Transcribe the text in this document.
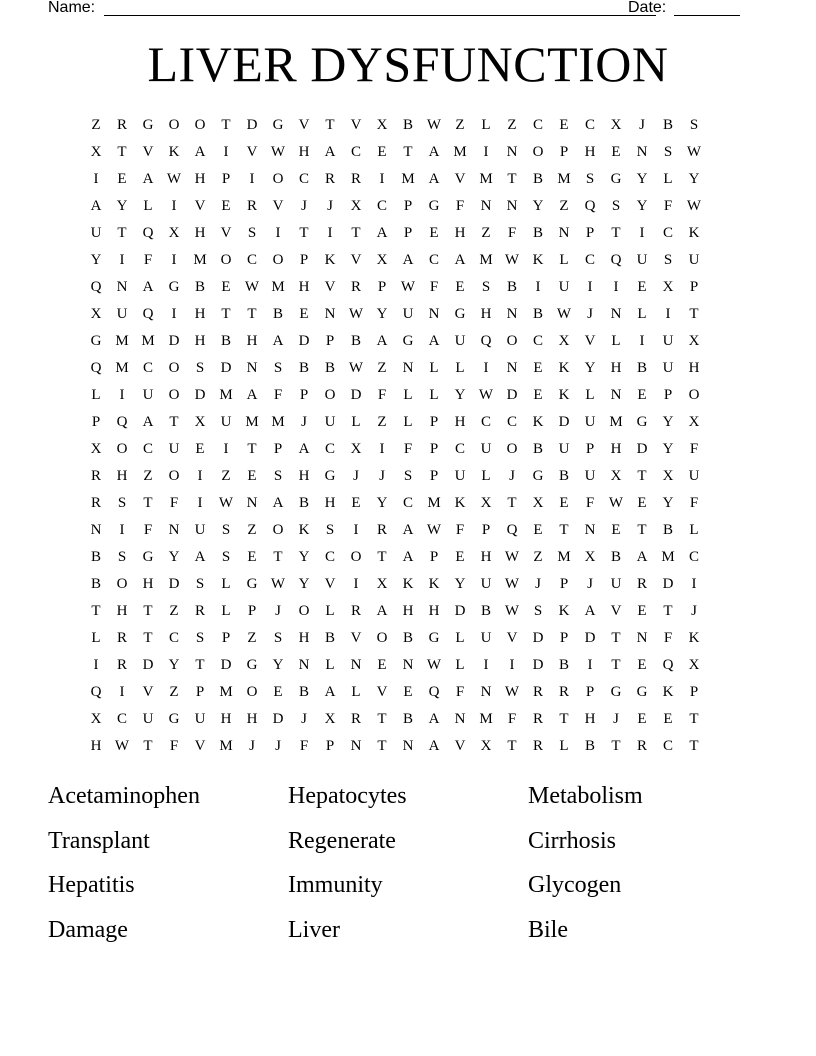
Name:	Date:
LIVER DYSFUNCTION
Z	R	G	O	O	T	D	G	V	T	V	X	B W Z	L	Z	C	E	C	X	J	B	S
X	T	V	K	A	I	V W H	A	C	E	T	A M	I	N	O	P	H	E	N	S W
I	E	A W H	P	I	O	C	R	R	I	M A	V M T	B M	S	G	Y	L	Y
A	Y	L	I	V	E	R	V	J	J	X	C	P	G	F	N	N	Y	Z	Q	S	Y	F W
U	T	Q	X	H	V	S	I	T	I	T	A	P	E	H	Z	F	B	N	P	T	I	C	K
Y	I	F	I	M O	C	O	P	K	V	X	A	C	A M W K	L	C	Q	U	S	U
Q	N	A	G	B	E W M H	V	R	P W F	E	S	B	I	U	I	I	E	X	P
X	U	Q	I	H	T	T	B	E	N W Y	U	N	G	H	N	B W	J	N	L	I	T
G M M D	H	B	H	A	D	P	B	A	G	A	U	Q	O	C	X	V	L	I	U	X
Q M C	O	S	D	N	S	B	B W Z	N	L	L	I	N	E	K	Y	H	B	U	H
L	I	U	O	D M A	F	P	O	D	F	L	L	Y W D	E	K	L	N	E	P	O
P	Q	A	T	X	U M M	J	U	L	Z	L	P	H	C	C	K	D	U M G	Y	X
X	O	C	U	E	I	T	P	A	C	X	I	F	P	C	U	O	B	U	P	H	D	Y	F
R	H	Z	O	I	Z	E	S	H	G	J	J	S	P	U	L	J	G	B	U	X	T	X	U
R	S	T	F	I	W N	A	B	H	E	Y	C M K	X	T	X	E	F W E	Y	F
N	I	F	N	U	S	Z	O	K	S	I	R	A W F	P	Q	E	T	N	E	T	B	L
B	S	G	Y	A	S	E	T	Y	C	O	T	A	P	E	H W Z M X	B	A M C
B	O	H	D	S	L	G W Y	V	I	X	K	K	Y	U W	J	P	J	U	R	D	I
T	H	T	Z	R	L	P	J	O	L	R	A	H	H	D	B W S	K	A	V	E	T	J
L	R	T	C	S	P	Z	S	H	B	V	O	B	G	L	U	V	D	P	D	T	N	F	K
I	R	D	Y	T	D	G	Y	N	L	N	E	N W L	I	I	D	B	I	T	E	Q	X
Q	I	V	Z	P	M O	E	B	A	L	V	E	Q	F	N W R	R	P	G	G	K	P
X	C	U	G	U	H	H	D	J	X	R	T	B	A	N M	F	R	T	H	J	E	E	T
H W T	F	V M	J	J	F	P	N	T	N	A	V	X	T	R	L	B	T	R	C	T
Acetaminophen	Hepatocytes	Metabolism
Transplant	Regenerate	Cirrhosis
Hepatitis	Immunity	Glycogen
Damage	Liver	Bile
